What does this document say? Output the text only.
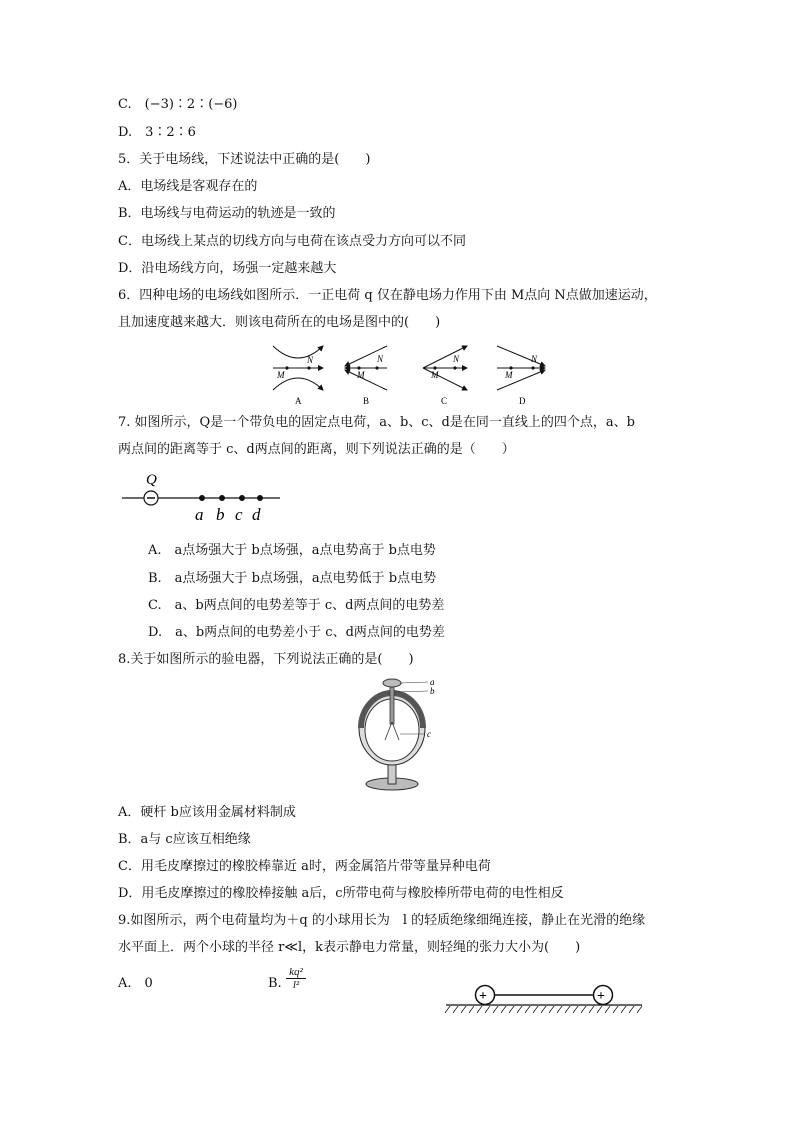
C.　(−3)∶2∶(−6)
D.　3∶2∶6
5．关于电场线，下述说法中正确的是(　　)
A．电场线是客观存在的
B．电场线与电荷运动的轨迹是一致的
C．电场线上某点的切线方向与电荷在该点受力方向可以不同
D．沿电场线方向，场强一定越来越大
6．四种电场的电场线如图所示．一正电荷 q 仅在静电场力作用下由 M点向 N点做加速运动，
且加速度越来越大．则该电荷所在的电场是图中的(　　)
M
N
A
M
N
B
M
N
C
M
N
D
7. 如图所示，Q是一个带负电的固定点电荷，a、b、c、d是在同一直线上的四个点，a、b
两点间的距离等于 c、d两点间的距离，则下列说法正确的是（　　）
Q
a b c d
A.　a点场强大于 b点场强，a点电势高于 b点电势
B.　a点场强大于 b点场强，a点电势低于 b点电势
C.　a、b两点间的电势差等于 c、d两点间的电势差
D.　a、b两点间的电势差小于 c、d两点间的电势差
8.关于如图所示的验电器，下列说法正确的是(　　)
a
b
c
A．硬杆 b应该用金属材料制成
B．a与 c应该互相绝缘
C．用毛皮摩擦过的橡胶棒靠近 a时，两金属箔片带等量异种电荷
D．用毛皮摩擦过的橡胶棒接触 a后，c所带电荷与橡胶棒所带电荷的电性相反
9.如图所示，两个电荷量均为＋q 的小球用长为　l 的轻质绝缘细绳连接，静止在光滑的绝缘
水平面上．两个小球的半径 r≪l，k表示静电力常量，则轻绳的张力大小为(　　)
A.　0	B. $\frac{\text{kq²}}{\text{l²}}$
+	+
